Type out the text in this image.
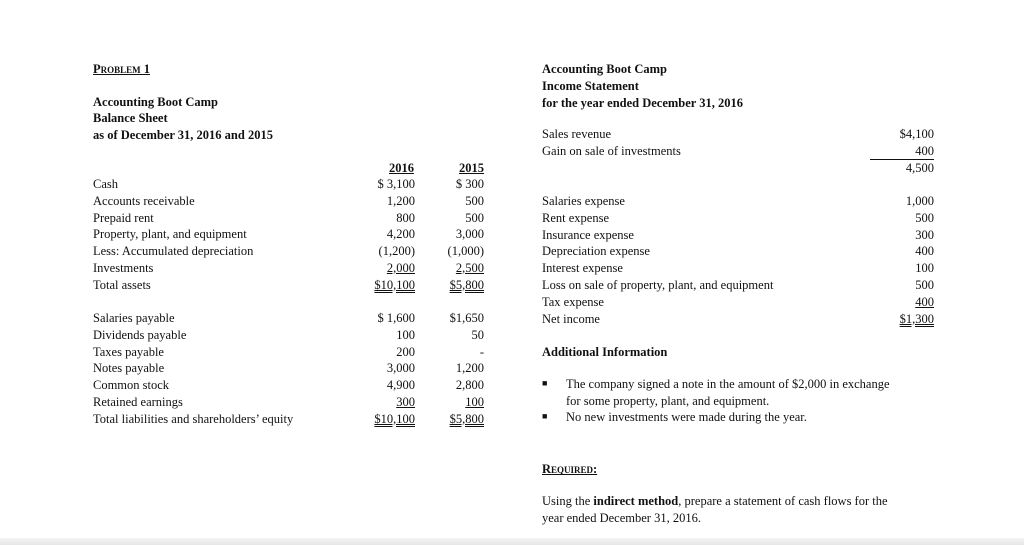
Problem 1
Accounting Boot Camp
Balance Sheet
as of December 31, 2016 and 2015
2016	2015
Cash
Accounts receivable
Prepaid rent
Property, plant, and equipment
Less: Accumulated depreciation
Investments
Total assets
$ 3,100
1,200
800
4,200
(1,200)
2,000
$10,100
$ 300
500
500
3,000
(1,000)
2,500
$5,800
Salaries payable
Dividends payable
Taxes payable
Notes payable
Common stock
Retained earnings
Total liabilities and shareholders’ equity
$ 1,600
100
200
3,000
4,900
300
$10,100
$1,650
50
-
1,200
2,800
100
$5,800
Accounting Boot Camp
Income Statement
for the year ended December 31, 2016
Sales revenue
Gain on sale of investments
$4,100
400
4,500
Salaries expense
Rent expense
Insurance expense
Depreciation expense
Interest expense
Loss on sale of property, plant, and equipment
Tax expense
Net income
1,000
500
300
400
100
500
400
$1,300
Additional Information
■ The company signed a note in the amount of $2,000 in exchange
for some property, plant, and equipment.
■ No new investments were made during the year.
Required:
Using the indirect method, prepare a statement of cash flows for the
year ended December 31, 2016.
